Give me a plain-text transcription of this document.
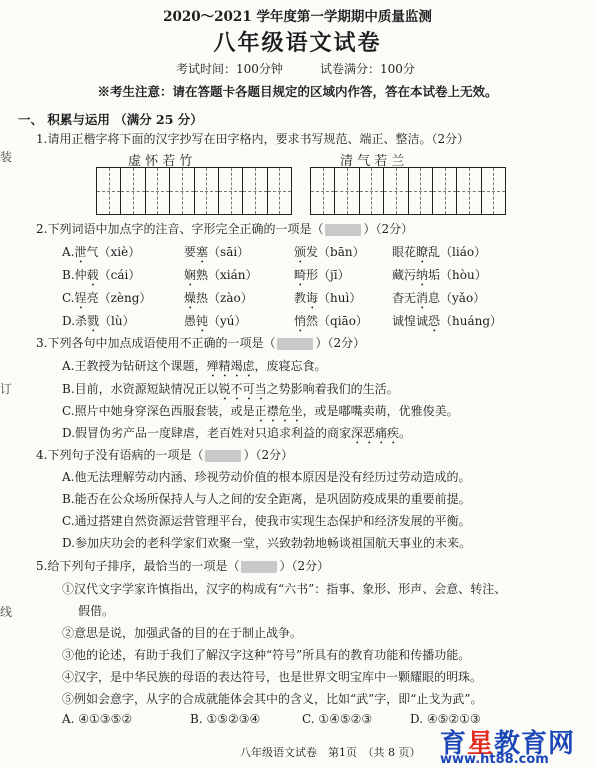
2020～2021 学年度第一学期期中质量监测
八年级语文试卷
考试时间：100分钟	试卷满分：100分
※考生注意：请在答题卡各题目规定的区域内作答，答在本试卷上无效。
装
订
线
一、 积累与运用 （满分 25 分）
1.请用正楷字将下面的汉字抄写在田字格内，要求书写规范、端正、整洁。（2分）
虚 怀 若 竹	清 气 若 兰
2.下列词语中加点字的注音、字形完全正确的一项是（	）（2分）
A.泄气（xiè）	要塞（sāi）	颁发（bān） 眼花瞭乱（liáo）
B.仲载（cái）	娴熟（xián）	畸形（jī）	藏污纳垢（hòu）
C.锃亮（zèng）	燥热（zào）	教诲（huì）	杳无消息（yǎo）
D.杀戮（lù）	愚钝（yú）	悄然（qiāo） 诚惶诚恐（huáng）
3.下列各句中加点成语使用不正确的一项是（	）（2分）
A.王教授为钻研这个课题，殚精竭虑，废寝忘食。
B.目前，水资源短缺情况正以锐不可当之势影响着我们的生活。
C.照片中她身穿深色西服套装，或是正襟危坐，或是嘟嘴卖萌，优雅俊美。
D.假冒伪劣产品一度肆虐，老百姓对只追求利益的商家深恶痛疾。
4.下列句子没有语病的一项是（	）（2分）
A.他无法理解劳动内涵、珍视劳动价值的根本原因是没有经历过劳动造成的。
B.能否在公众场所保持人与人之间的安全距离，是巩固防疫成果的重要前提。
C.通过搭建自然资源运营管理平台，使我市实现生态保护和经济发展的平衡。
D.参加庆功会的老科学家们欢聚一堂，兴致勃勃地畅谈祖国航天事业的未来。
5.给下列句子排序，最恰当的一项是（	）（2分）
①汉代文字学家许慎指出，汉字的构成有“六书”：指事、象形、形声、会意、转注、
假借。
②意思是说，加强武备的目的在于制止战争。
③他的论述，有助于我们了解汉字这种“符号”所具有的教育功能和传播功能。
④汉字，是中华民族的母语的表达符号，也是世界文明宝库中一颗耀眼的明珠。
⑤例如会意字，从字的合成就能体会其中的含义，比如“武”字，即“止戈为武”。
A. ④①③⑤②	B. ①⑤②③④	C. ①④⑤②③	D. ④⑤②①③
八年级语文试卷　第1页　（共 8 页） 育星教育网
www.ht88.com
